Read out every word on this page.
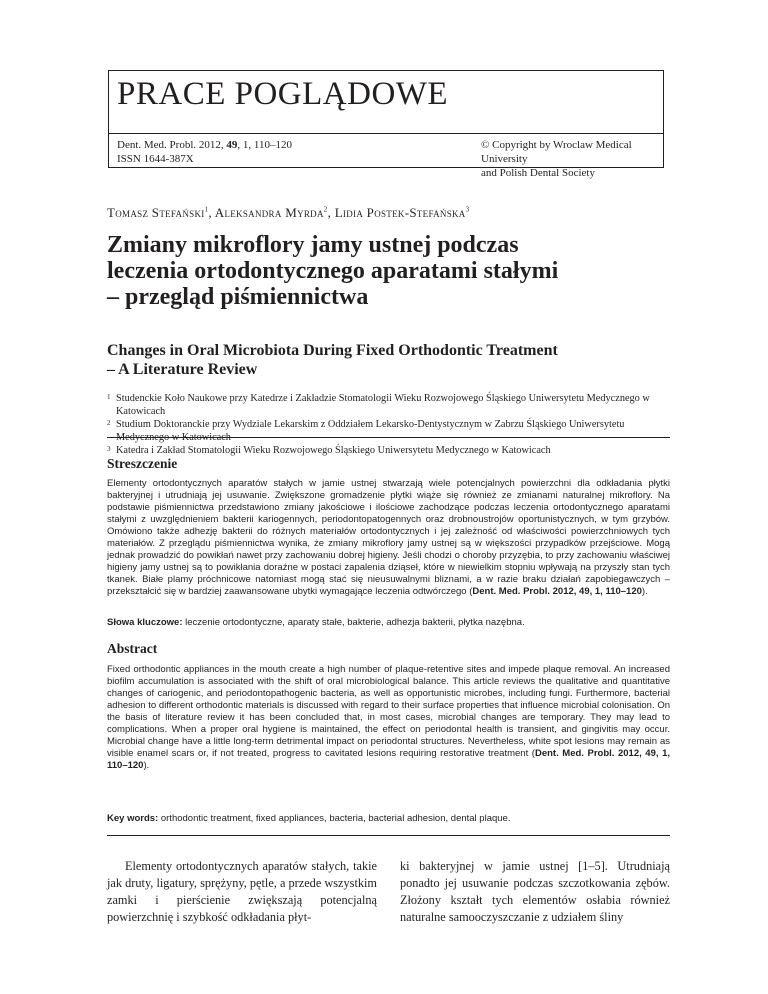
PRACE POGLĄDOWE
Dent. Med. Probl. 2012, 49, 1, 110–120
ISSN 1644-387X
© Copyright by Wroclaw Medical University
and Polish Dental Society
Tomasz Stefański$^1$, Aleksandra Myrda$^2$, Lidia Postek-Stefańska$^3$
Zmiany mikroflory jamy ustnej podczas
leczenia ortodontycznego aparatami stałymi
– przegląd piśmiennictwa
Changes in Oral Microbiota During Fixed Orthodontic Treatment
– A Literature Review
1 Studenckie Koło Naukowe przy Katedrze i Zakładzie Stomatologii Wieku Rozwojowego Śląskiego Uniwersytetu Medycznego w Katowicach
2 Studium Doktoranckie przy Wydziale Lekarskim z Oddziałem Lekarsko-Dentystycznym w Zabrzu Śląskiego Uniwersytetu Medycznego w Katowicach
3 Katedra i Zakład Stomatologii Wieku Rozwojowego Śląskiego Uniwersytetu Medycznego w Katowicach
Streszczenie

Elementy ortodontycznych aparatów stałych w jamie ustnej stwarzają wiele potencjalnych powierzchni dla odkładania płytki bakteryjnej i utrudniają jej usuwanie. Zwiększone gromadzenie płytki wiąże się również ze zmianami naturalnej mikroflory. Na podstawie piśmiennictwa przedstawiono zmiany jakościowe i ilościowe zachodzące podczas leczenia ortodontycznego aparatami stałymi z uwzględnieniem bakterii kariogennych, periodontopatogennych oraz drobnoustrojów oportunistycznych, w tym grzybów. Omówiono także adhezję bakterii do różnych materiałów ortodontycznych i jej zależność od właściwości powierzchniowych tych materiałów. Z przeglądu piśmiennictwa wynika, że zmiany mikroflory jamy ustnej są w większości przypadków przejściowe. Mogą jednak prowadzić do powikłań nawet przy zachowaniu dobrej higieny. Jeśli chodzi o choroby przyzębia, to przy zachowaniu właściwej higieny jamy ustnej są to powikłania doraźne w postaci zapalenia dziąseł, które w niewielkim stopniu wpływają na przyszły stan tych tkanek. Białe plamy próchnicowe natomiast mogą stać się nieusuwalnymi bliznami, a w razie braku działań zapobiegawczych – przekształcić się w bardziej zaawansowane ubytki wymagające leczenia odtwórczego (Dent. Med. Probl. 2012, 49, 1, 110–120).

Słowa kluczowe: leczenie ortodontyczne, aparaty stałe, bakterie, adhezja bakterii, płytka nazębna.

Abstract

Fixed orthodontic appliances in the mouth create a high number of plaque-retentive sites and impede plaque removal. An increased biofilm accumulation is associated with the shift of oral microbiological balance. This article reviews the qualitative and quantitative changes of cariogenic, and periodontopathogenic bacteria, as well as opportunistic microbes, including fungi. Furthermore, bacterial adhesion to different orthodontic materials is discussed with regard to their surface properties that influence microbial colonisation. On the basis of literature review it has been concluded that, in most cases, microbial changes are temporary. They may lead to complications. When a proper oral hygiene is maintained, the effect on periodontal health is transient, and gingivitis may occur. Microbial change have a little long-term detrimental impact on periodontal structures. Nevertheless, white spot lesions may remain as visible enamel scars or, if not treated, progress to cavitated lesions requiring restorative treatment (Dent. Med. Probl. 2012, 49, 1, 110–120).

Key words: orthodontic treatment, fixed appliances, bacteria, bacterial adhesion, dental plaque.

Elementy ortodontycznych aparatów stałych, takie jak druty, ligatury, sprężyny, pętle, a przede wszystkim zamki i pierścienie zwiększają potencjalną powierzchnię i szybkość odkładania płyt-

ki bakteryjnej w jamie ustnej [1–5]. Utrudniają ponadto jej usuwanie podczas szczotkowania zębów. Złożony kształt tych elementów osłabia również naturalne samooczyszczanie z udziałem śliny
